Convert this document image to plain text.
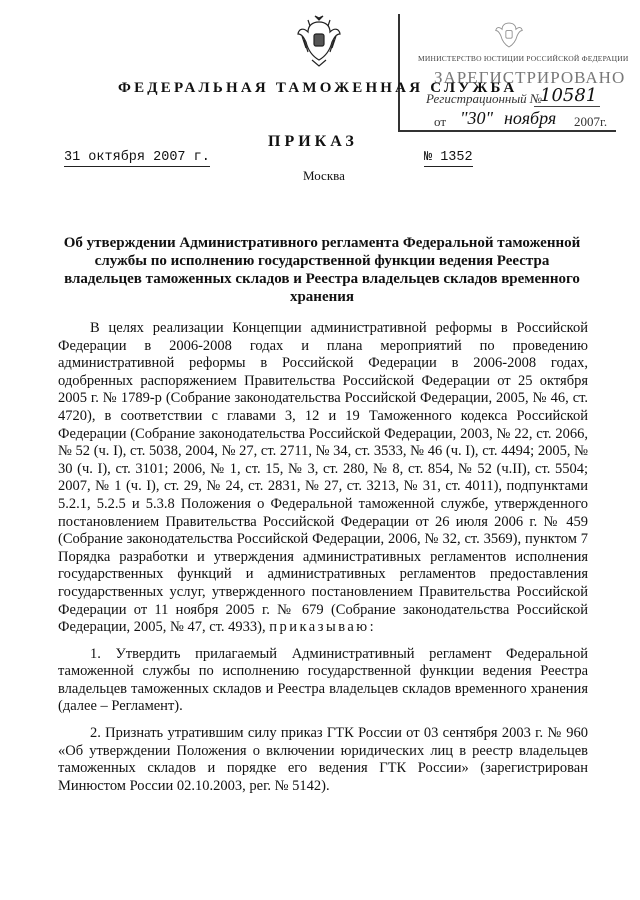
МИНИСТЕРСТВО ЮСТИЦИИ РОССИЙСКОЙ ФЕДЕРАЦИИ
ЗАРЕГИСТРИРОВАНО
Регистрационный №
10581
от "30" ноября 2007г.
ФЕДЕРАЛЬНАЯ ТАМОЖЕННАЯ СЛУЖБА
ПРИКАЗ
31 октября 2007 г.	№ 1352
Москва
Об утверждении Административного регламента Федеральной таможенной службы по исполнению государственной функции ведения Реестра владельцев таможенных складов и Реестра владельцев складов временного хранения

В целях реализации Концепции административной реформы в Российской Федерации в 2006-2008 годах и плана мероприятий по проведению административной реформы в Российской Федерации в 2006-2008 годах, одобренных распоряжением Правительства Российской Федерации от 25 октября 2005 г. № 1789-р (Собрание законодательства Российской Федерации, 2005, № 46, ст. 4720), в соответствии с главами 3, 12 и 19 Таможенного кодекса Российской Федерации (Собрание законодательства Российской Федерации, 2003, № 22, ст. 2066, № 52 (ч. I), ст. 5038, 2004, № 27, ст. 2711, № 34, ст. 3533, № 46 (ч. I), ст. 4494; 2005, № 30 (ч. I), ст. 3101; 2006, № 1, ст. 15, № 3, ст. 280, № 8, ст. 854, № 52 (ч.II), ст. 5504; 2007, № 1 (ч. I), ст. 29, № 24, ст. 2831, № 27, ст. 3213, № 31, ст. 4011), подпунктами 5.2.1, 5.2.5 и 5.3.8 Положения о Федеральной таможенной службе, утвержденного постановлением Правительства Российской Федерации от 26 июля 2006 г. № 459 (Собрание законодательства Российской Федерации, 2006, № 32, ст. 3569), пунктом 7 Порядка разработки и утверждения административных регламентов исполнения государственных функций и административных регламентов предоставления государственных услуг, утвержденного постановлением Правительства Российской Федерации от 11 ноября 2005 г. № 679 (Собрание законодательства Российской Федерации, 2005, № 47, ст. 4933), приказываю:

1. Утвердить прилагаемый Административный регламент Федеральной таможенной службы по исполнению государственной функции ведения Реестра владельцев таможенных складов и Реестра владельцев складов временного хранения (далее – Регламент).

2. Признать утратившим силу приказ ГТК России от 03 сентября 2003 г. № 960 «Об утверждении Положения о включении юридических лиц в реестр владельцев таможенных складов и порядке его ведения ГТК России» (зарегистрирован Минюстом России 02.10.2003, рег. № 5142).
